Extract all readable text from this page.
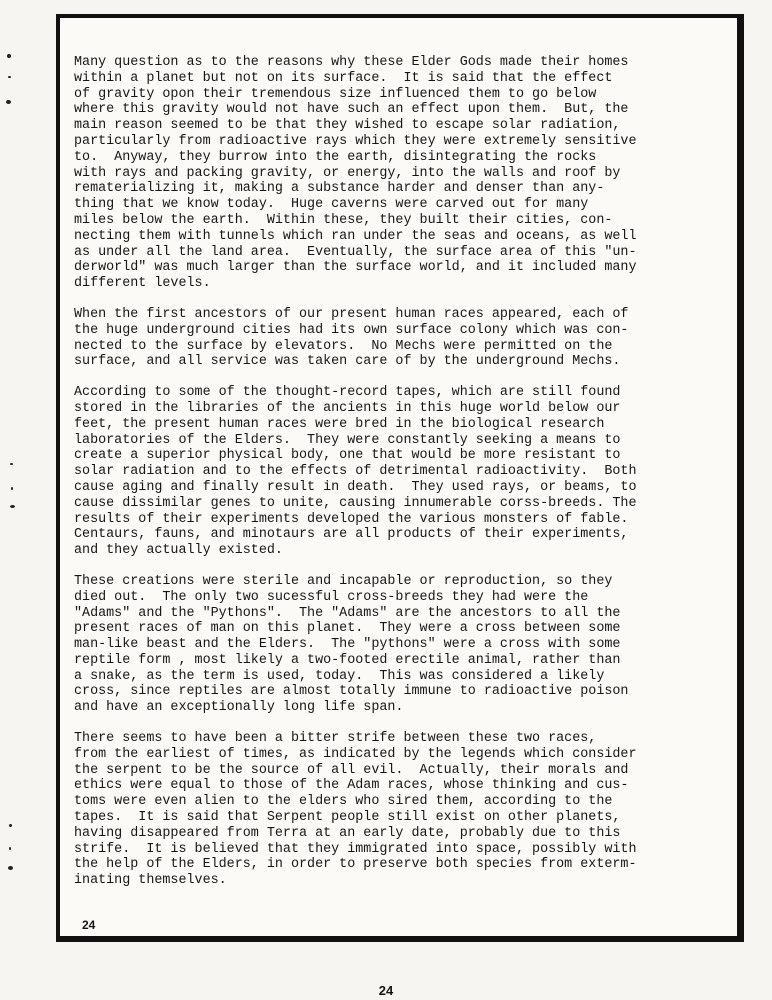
Many question as to the reasons why these Elder Gods made their homes
within a planet but not on its surface.  It is said that the effect
of gravity opon their tremendous size influenced them to go below
where this gravity would not have such an effect upon them.  But, the
main reason seemed to be that they wished to escape solar radiation,
particularly from radioactive rays which they were extremely sensitive
to.  Anyway, they burrow into the earth, disintegrating the rocks
with rays and packing gravity, or energy, into the walls and roof by
rematerializing it, making a substance harder and denser than any-
thing that we know today.  Huge caverns were carved out for many
miles below the earth.  Within these, they built their cities, con-
necting them with tunnels which ran under the seas and oceans, as well
as under all the land area.  Eventually, the surface area of this "un-
derworld" was much larger than the surface world, and it included many
different levels.

When the first ancestors of our present human races appeared, each of
the huge underground cities had its own surface colony which was con-
nected to the surface by elevators.  No Mechs were permitted on the
surface, and all service was taken care of by the underground Mechs.

According to some of the thought-record tapes, which are still found
stored in the libraries of the ancients in this huge world below our
feet, the present human races were bred in the biological research
laboratories of the Elders.  They were constantly seeking a means to
create a superior physical body, one that would be more resistant to
solar radiation and to the effects of detrimental radioactivity.  Both
cause aging and finally result in death.  They used rays, or beams, to
cause dissimilar genes to unite, causing innumerable corss-breeds. The
results of their experiments developed the various monsters of fable.
Centaurs, fauns, and minotaurs are all products of their experiments,
and they actually existed.

These creations were sterile and incapable or reproduction, so they
died out.  The only two sucessful cross-breeds they had were the
"Adams" and the "Pythons".  The "Adams" are the ancestors to all the
present races of man on this planet.  They were a cross between some
man-like beast and the Elders.  The "pythons" were a cross with some
reptile form , most likely a two-footed erectile animal, rather than
a snake, as the term is used, today.  This was considered a likely
cross, since reptiles are almost totally immune to radioactive poison
and have an exceptionally long life span.

There seems to have been a bitter strife between these two races,
from the earliest of times, as indicated by the legends which consider
the serpent to be the source of all evil.  Actually, their morals and
ethics were equal to those of the Adam races, whose thinking and cus-
toms were even alien to the elders who sired them, according to the
tapes.  It is said that Serpent people still exist on other planets,
having disappeared from Terra at an early date, probably due to this
strife.  It is believed that they immigrated into space, possibly with
the help of the Elders, in order to preserve both species from exterm-
inating themselves.

24
24
